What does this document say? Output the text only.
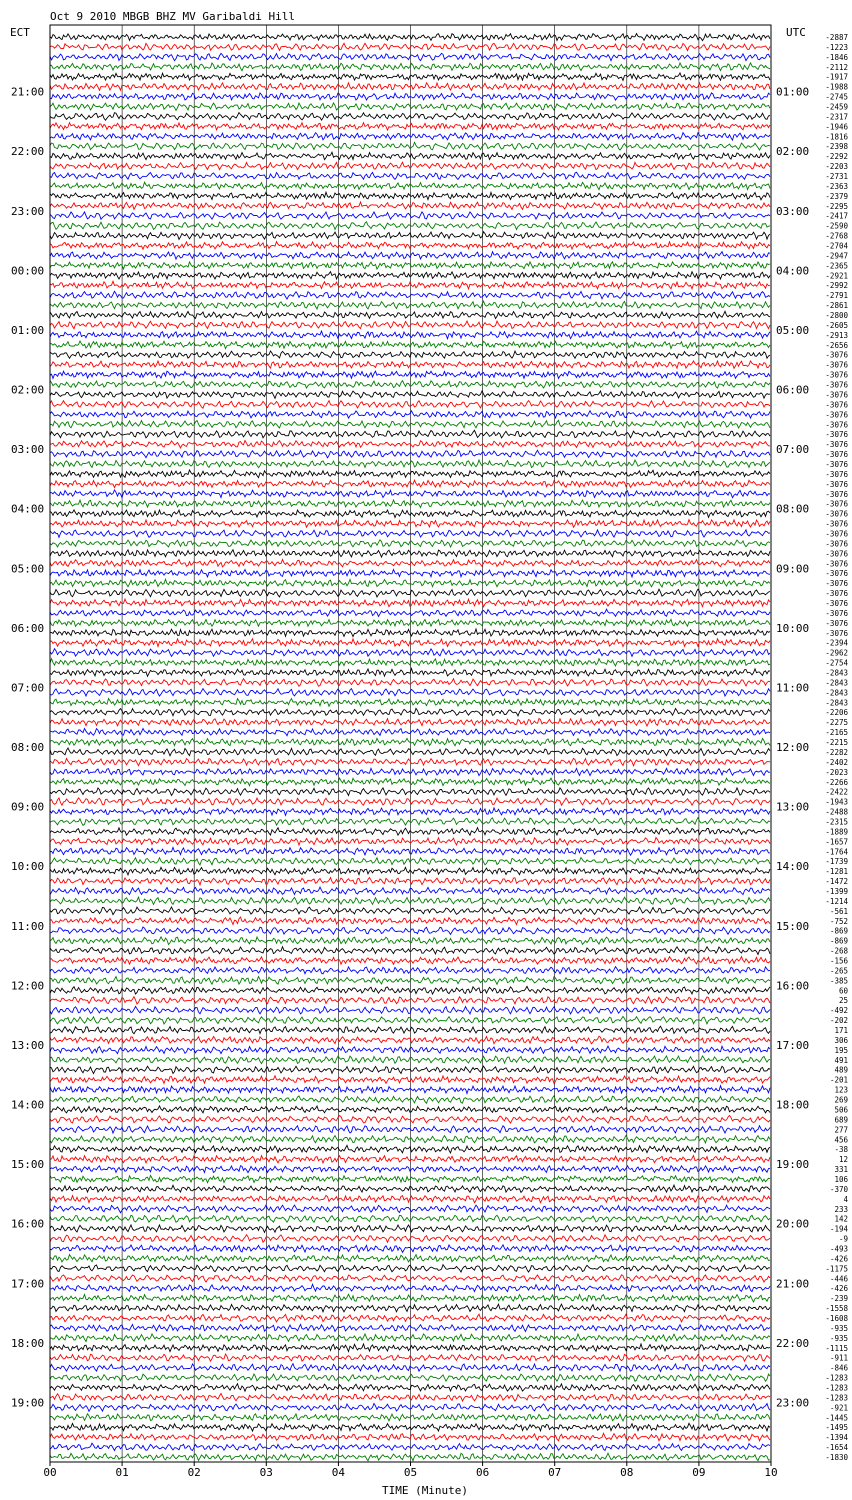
Oct 9 2010 MBGB BHZ MV Garibaldi Hill
ECT	UTC
21:00
22:00
23:00
00:00
01:00
02:00
03:00
04:00
05:00
06:00
07:00
08:00
09:00
10:00
11:00
12:00
13:00
14:00
15:00
16:00
17:00
18:00
19:00
01:00
02:00
03:00
04:00
05:00
06:00
07:00
08:00
09:00
10:00
11:00
12:00
13:00
14:00
15:00
16:00
17:00
18:00
19:00
20:00
21:00
22:00
23:00
-2887
-1223
-1846
-2112
-1917
-1988
-2745
-2459
-2317
-1946
-1816
-2398
-2292
-2203
-2731
-2363
-2379
-2295
-2417
-2590
-2768
-2704
-2947
-2365
-2921
-2992
-2791
-2861
-2800
-2605
-2913
-2656
-3076
-3076
-3076
-3076
-3076
-3076
-3076
-3076
-3076
-3076
-3076
-3076
-3076
-3076
-3076
-3076
-3076
-3076
-3076
-3076
-3076
-3076
-3076
-3076
-3076
-3076
-3076
-3076
-3076
-2394
-2962
-2754
-2843
-2843
-2843
-2843
-2206
-2275
-2165
-2215
-2282
-2402
-2023
-2266
-2422
-1943
-2488
-2315
-1889
-1657
-1764
-1739
-1281
-1472
-1399
-1214
-561
-752
-869
-869
-268
-156
-265
-385
60
25
-492
-202
171
306
195
491
489
-201
123
269
506
689
277
456
-38
12
331
106
-370
4
233
142
-194
-9
-493
-426
-1175
-446
-426
-239
-1558
-1608
-935
-935
-1115
-911
-846
-1283
-1283
-1283
-921
-1445
-1495
-1394
-1654
-1830
00	01	02	03	04	05	06	07	08	09	10
TIME (Minute)
